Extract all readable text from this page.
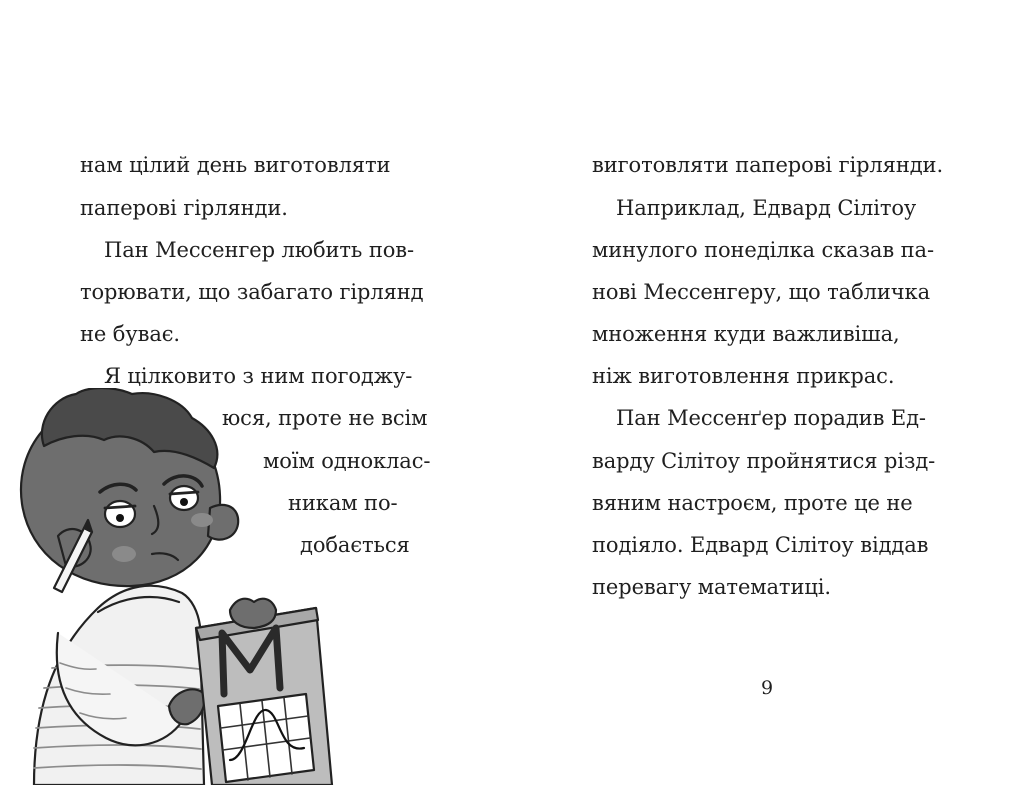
нам цілий день виготовляти
паперові гірлянди.
Пан Мессенгер любить пов-
торювати, що забагато гірлянд
не буває.
Я цілковито з ним погоджу-
юся, проте не всім
моїм однoклас-
никам по-
добається
виготовляти паперові гірлянди.
Наприклад, Едвард Сілітоу
минулого понеділка сказав па-
нові Мессенгеру, що табличка
множення куди важливіша,
ніж виготовлення прикрас.
Пан Мессенґер порадив Ед-
варду Сілітоу пройнятися різд-
вяним настроєм, проте це не
подіяло. Едвард Сілітоу віддав
перевагу математиці.
9
